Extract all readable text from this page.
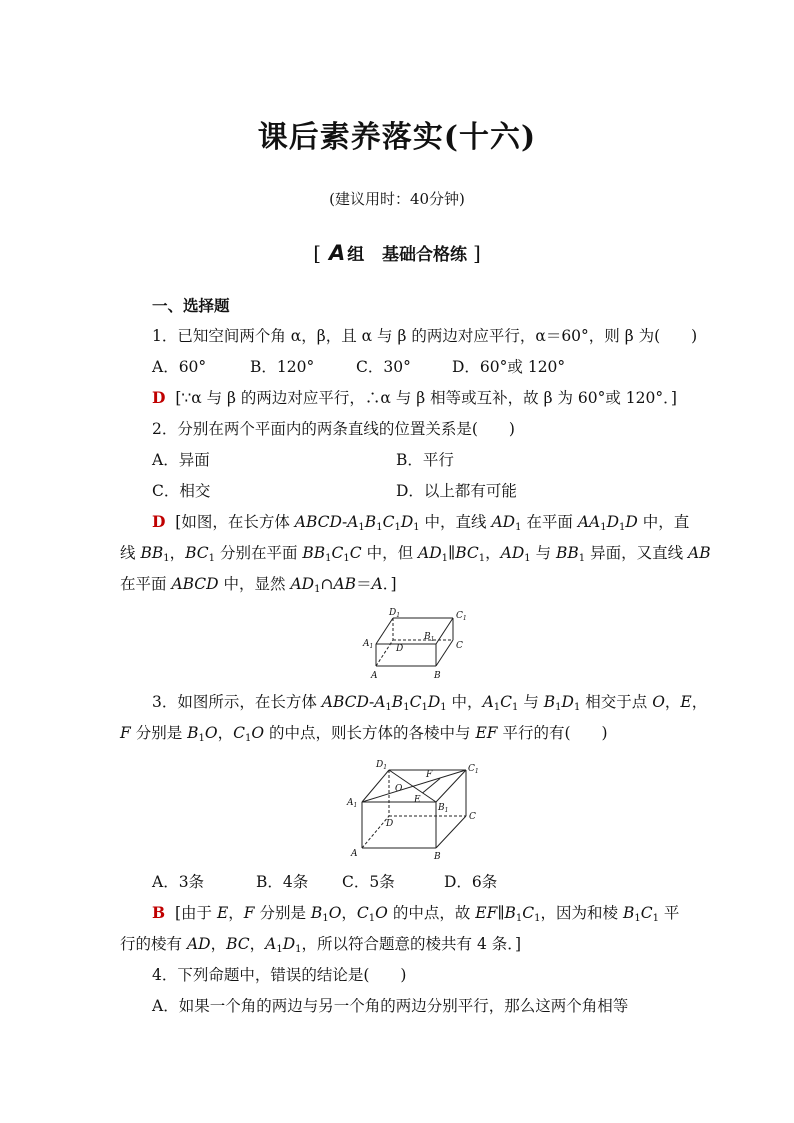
课后素养落实(十六)
(建议用时：40分钟)
[ A 组 基础合格练 ]
一、选择题
1．已知空间两个角 α，β，且 α 与 β 的两边对应平行，α＝60°，则 β 为(　　)
A．60°	B．120°	C．30°	D．60°或 120°
D [∵α 与 β 的两边对应平行，∴α 与 β 相等或互补，故 β 为 60°或 120°．]
2．分别在两个平面内的两条直线的位置关系是(　　)
A．异面	B．平行
C．相交	D．以上都有可能
D  [如图，在长方体 ABCD-$A_1B_1C_1D_1$ 中，直线 $AD_1$ 在平面 $AA_1D_1D$ 中，直
线 $BB_1$，$BC_1$ 分别在平面 $BB_1C_1C$ 中，但 $AD_1\parallel BC_1$，$AD_1$ 与 $BB_1$ 异面，又直线 AB
在平面 ABCD 中，显然 $AD_1\cap AB=A$．]
$D_1$	$C_1$
$A_1$
$B_1$
D	C
A	B
3．如图所示，在长方体 ABCD-$A_1B_1C_1D_1$ 中，$A_1C_1$ 与 $B_1D_1$ 相交于点 O，E，
F 分别是 $B_1O$，$C_1O$ 的中点，则长方体的各棱中与 EF 平行的有(　　)
$D_1$	$C_1$
$A_1$	$B_1$
O
E
F
D
C
A	B
A．3条	B．4条 C．5条	D．6条
B  [由于 E，F 分别是 $B_1O$，$C_1O$ 的中点，故 $EF\parallel B_1C_1$，因为和棱 $B_1C_1$ 平
行的棱有 AD，BC，$A_1D_1$，所以符合题意的棱共有 4 条．]
4．下列命题中，错误的结论是(　　)
A．如果一个角的两边与另一个角的两边分别平行，那么这两个角相等
